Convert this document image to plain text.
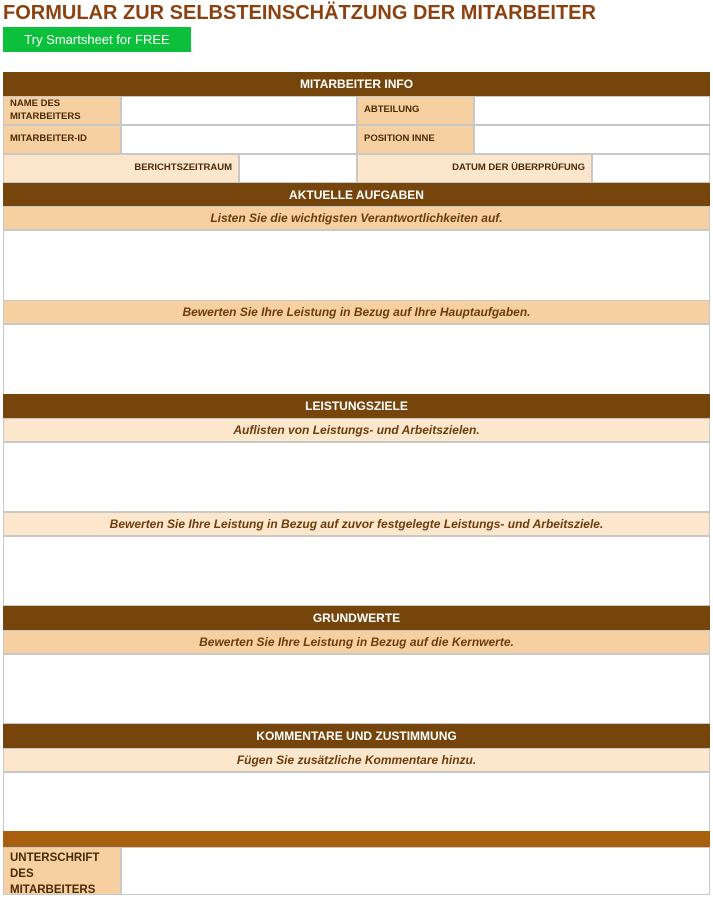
FORMULAR ZUR SELBSTEINSCHÄTZUNG DER MITARBEITER
Try Smartsheet for FREE
MITARBEITER INFO
NAME DES MITARBEITERS
ABTEILUNG
MITARBEITER-ID	POSITION INNE
BERICHTSZEITRAUM	DATUM DER ÜBERPRÜFUNG
AKTUELLE AUFGABEN
Listen Sie die wichtigsten Verantwortlichkeiten auf.
Bewerten Sie Ihre Leistung in Bezug auf Ihre Hauptaufgaben.
LEISTUNGSZIELE
Auflisten von Leistungs- und Arbeitszielen.
Bewerten Sie Ihre Leistung in Bezug auf zuvor festgelegte Leistungs- und Arbeitsziele.
GRUNDWERTE
Bewerten Sie Ihre Leistung in Bezug auf die Kernwerte.
KOMMENTARE UND ZUSTIMMUNG
Fügen Sie zusätzliche Kommentare hinzu.
UNTERSCHRIFT DES MITARBEITERS
